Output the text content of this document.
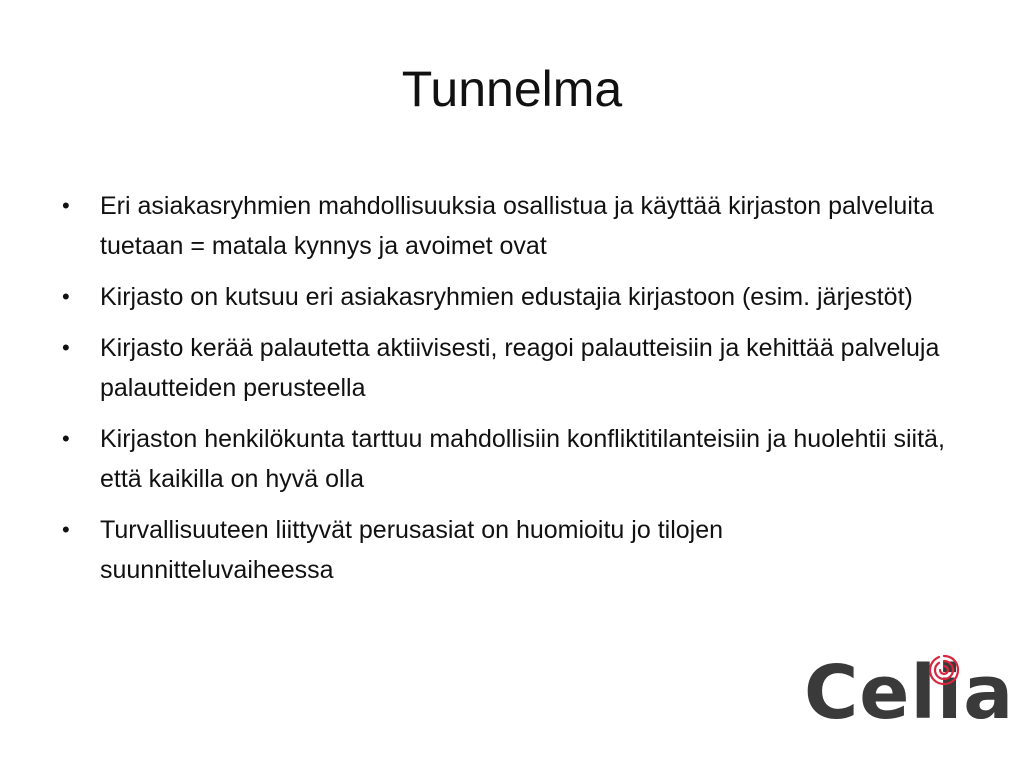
Tunnelma
• Eri asiakasryhmien mahdollisuuksia osallistua ja käyttää kirjaston palveluita tuetaan = matala kynnys ja avoimet ovat
• Kirjasto on kutsuu eri asiakasryhmien edustajia kirjastoon (esim. järjestöt)
• Kirjasto kerää palautetta aktiivisesti, reagoi palautteisiin ja kehittää palveluja palautteiden perusteella
• Kirjaston henkilökunta tarttuu mahdollisiin konfliktitilanteisiin ja huolehtii siitä, että kaikilla on hyvä olla
• Turvallisuuteen liittyvät perusasiat on huomioitu jo tilojen suunnitteluvaiheessa
Celia
